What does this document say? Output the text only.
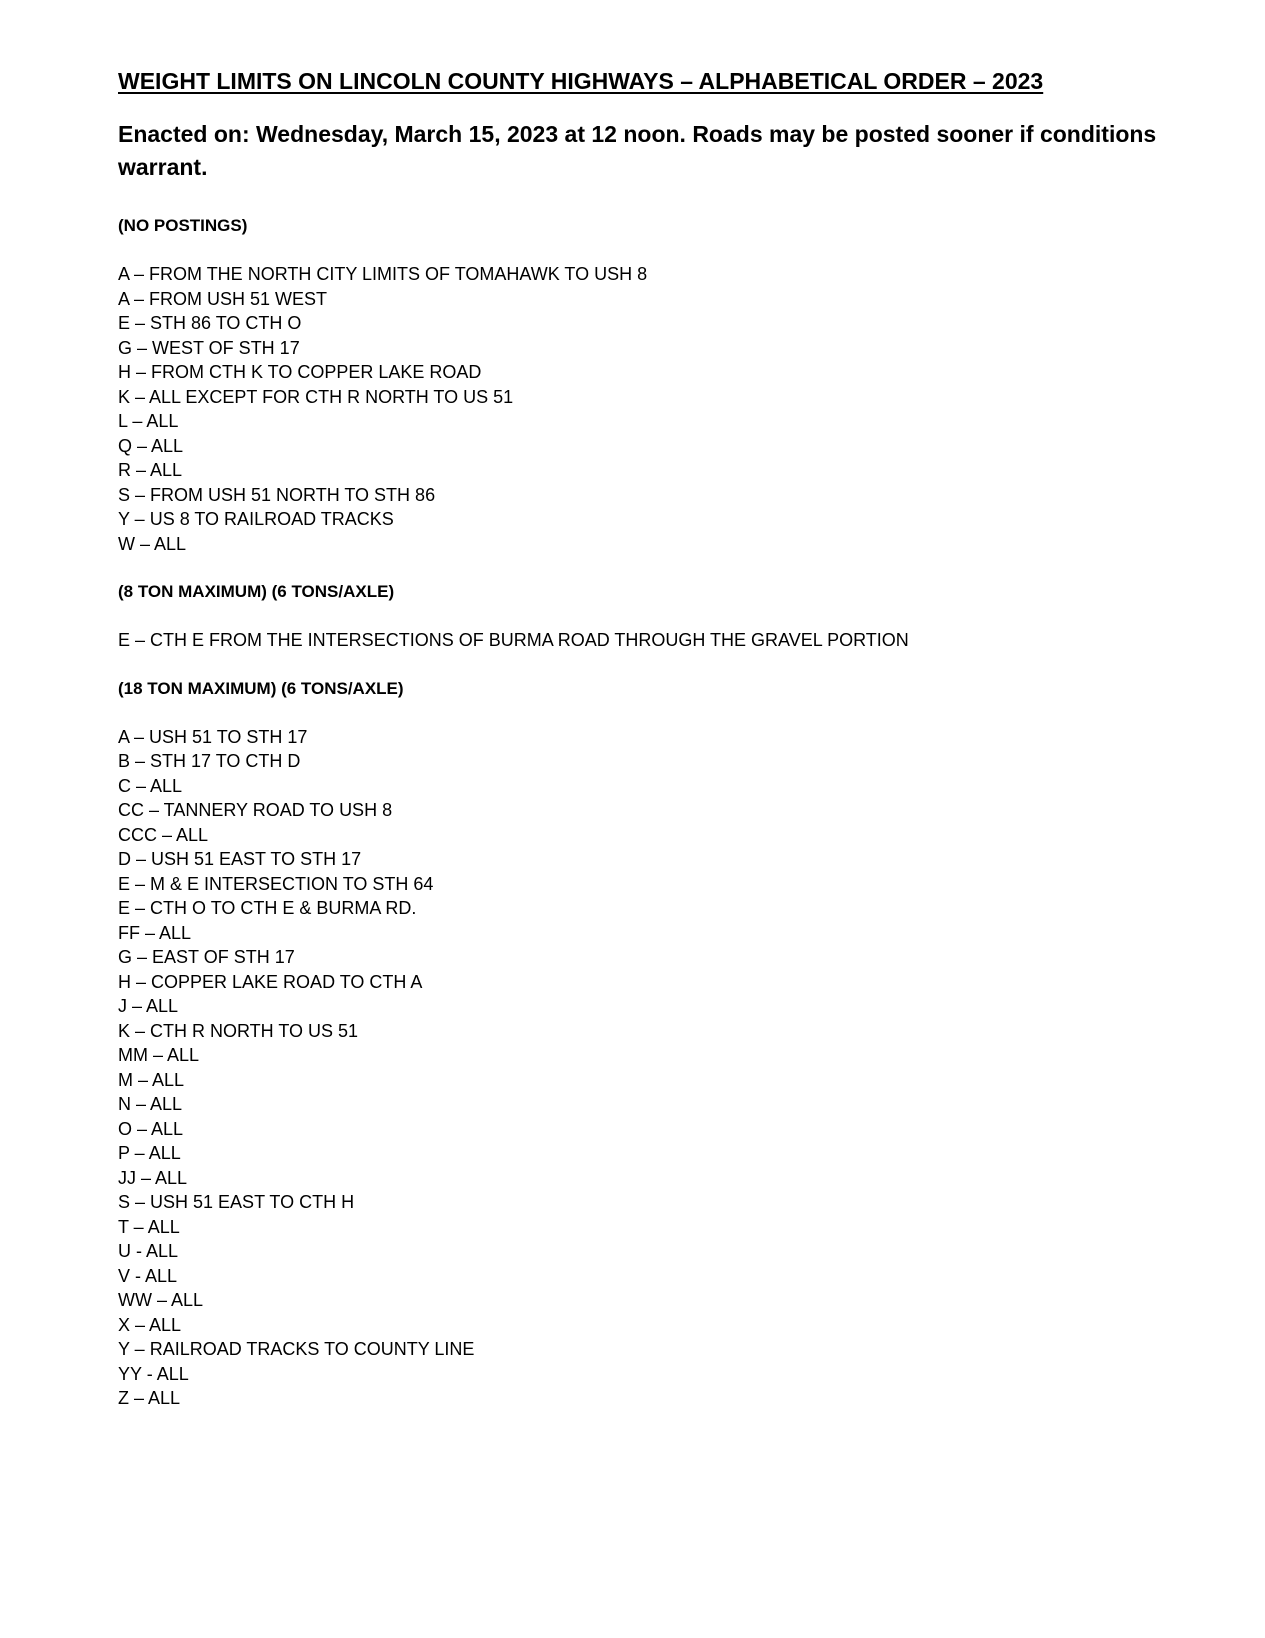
WEIGHT LIMITS ON LINCOLN COUNTY HIGHWAYS – ALPHABETICAL ORDER – 2023

Enacted on: Wednesday, March 15, 2023 at 12 noon. Roads may be posted sooner if conditions warrant.

(NO POSTINGS)
A – FROM THE NORTH CITY LIMITS OF TOMAHAWK TO USH 8
A – FROM USH 51 WEST
E – STH 86 TO CTH O
G – WEST OF STH 17
H – FROM CTH K TO COPPER LAKE ROAD
K – ALL EXCEPT FOR CTH R NORTH TO US 51
L – ALL
Q – ALL
R – ALL
S – FROM USH 51 NORTH TO STH 86
Y – US 8 TO RAILROAD TRACKS
W – ALL
(8 TON MAXIMUM) (6 TONS/AXLE)
E – CTH E FROM THE INTERSECTIONS OF BURMA ROAD THROUGH THE GRAVEL PORTION
(18 TON MAXIMUM) (6 TONS/AXLE)
A – USH 51 TO STH 17
B – STH 17 TO CTH D
C – ALL
CC – TANNERY ROAD TO USH 8
CCC – ALL
D – USH 51 EAST TO STH 17
E – M & E INTERSECTION TO STH 64
E – CTH O TO CTH E & BURMA RD.
FF – ALL
G – EAST OF STH 17
H – COPPER LAKE ROAD TO CTH A
J – ALL
K – CTH R NORTH TO US 51
MM – ALL
M – ALL
N – ALL
O – ALL
P – ALL
JJ – ALL
S – USH 51 EAST TO CTH H
T – ALL
U - ALL
V - ALL
WW – ALL
X – ALL
Y – RAILROAD TRACKS TO COUNTY LINE
YY - ALL
Z – ALL
